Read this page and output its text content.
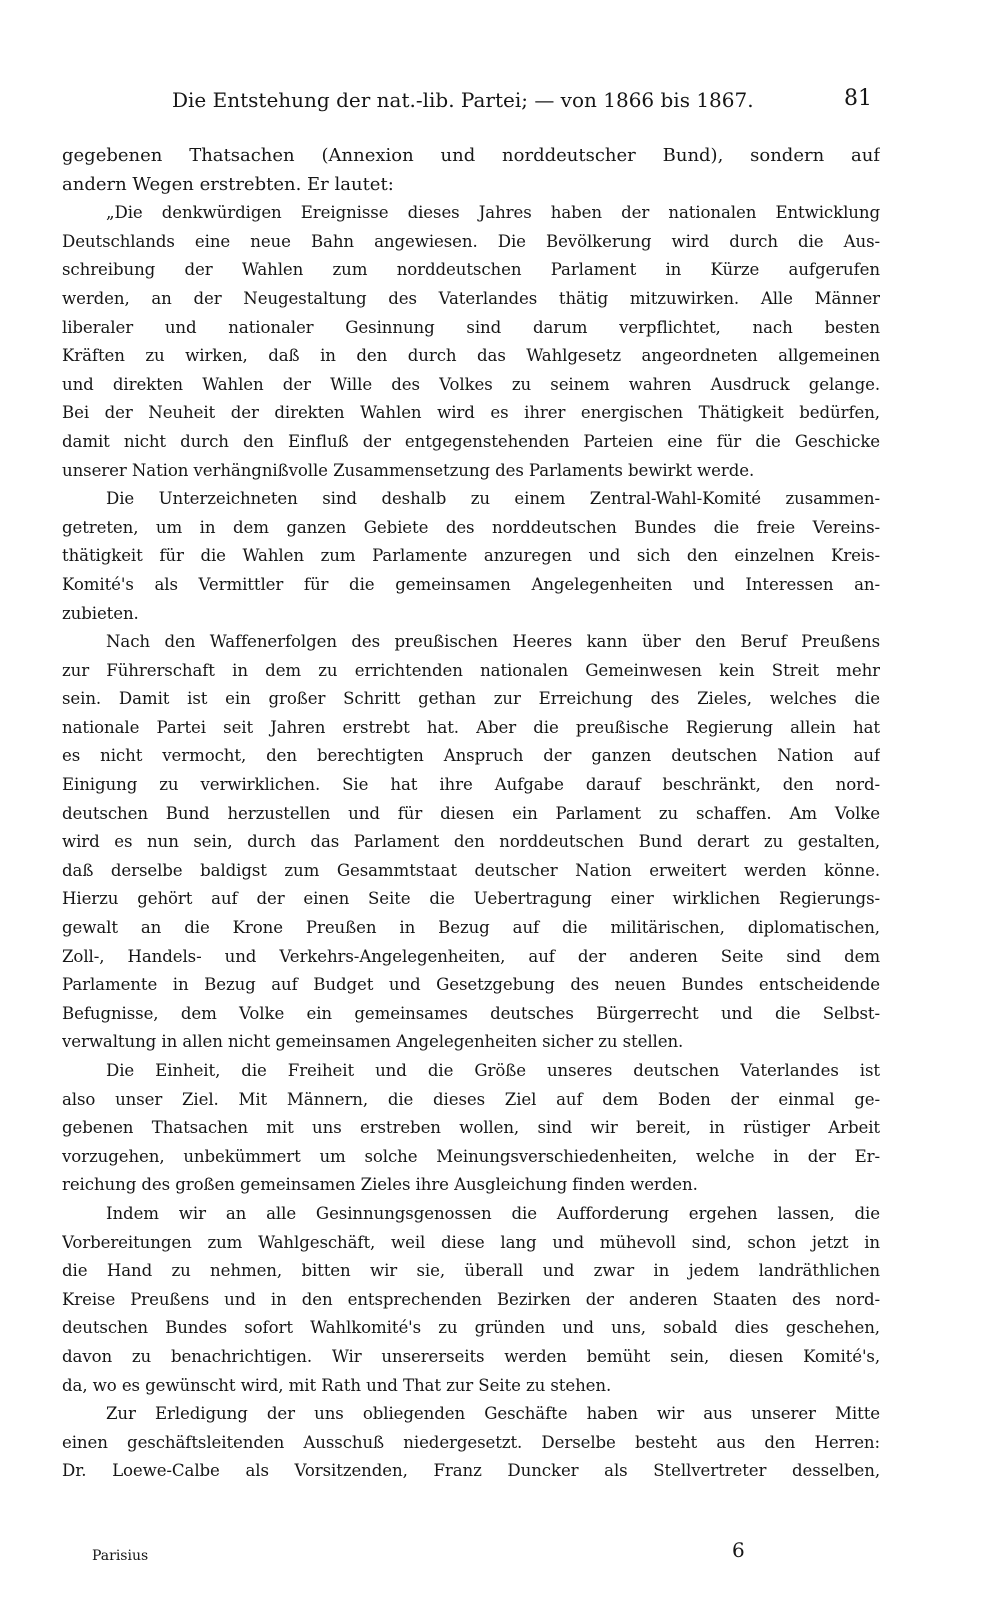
Die Entstehung der nat.-lib. Partei; — von 1866 bis 1867.	81
gegebenen Thatsachen (Annexion und norddeutscher Bund), sondern auf
andern Wegen erstrebten. Er lautet:
„Die denkwürdigen Ereignisse dieses Jahres haben der nationalen Entwicklung
Deutschlands eine neue Bahn angewiesen. Die Bevölkerung wird durch die Aus-
schreibung der Wahlen zum norddeutschen Parlament in Kürze aufgerufen
werden, an der Neugestaltung des Vaterlandes thätig mitzuwirken. Alle Männer
liberaler und nationaler Gesinnung sind darum verpflichtet, nach besten
Kräften zu wirken, daß in den durch das Wahlgesetz angeordneten allgemeinen
und direkten Wahlen der Wille des Volkes zu seinem wahren Ausdruck gelange.
Bei der Neuheit der direkten Wahlen wird es ihrer energischen Thätigkeit bedürfen,
damit nicht durch den Einfluß der entgegenstehenden Parteien eine für die Geschicke
unserer Nation verhängnißvolle Zusammensetzung des Parlaments bewirkt werde.
Die Unterzeichneten sind deshalb zu einem Zentral-Wahl-Komité zusammen-
getreten, um in dem ganzen Gebiete des norddeutschen Bundes die freie Vereins-
thätigkeit für die Wahlen zum Parlamente anzuregen und sich den einzelnen Kreis-
Komité's als Vermittler für die gemeinsamen Angelegenheiten und Interessen an-
zubieten.
Nach den Waffenerfolgen des preußischen Heeres kann über den Beruf Preußens
zur Führerschaft in dem zu errichtenden nationalen Gemeinwesen kein Streit mehr
sein. Damit ist ein großer Schritt gethan zur Erreichung des Zieles, welches die
nationale Partei seit Jahren erstrebt hat. Aber die preußische Regierung allein hat
es nicht vermocht, den berechtigten Anspruch der ganzen deutschen Nation auf
Einigung zu verwirklichen. Sie hat ihre Aufgabe darauf beschränkt, den nord-
deutschen Bund herzustellen und für diesen ein Parlament zu schaffen. Am Volke
wird es nun sein, durch das Parlament den norddeutschen Bund derart zu gestalten,
daß derselbe baldigst zum Gesammtstaat deutscher Nation erweitert werden könne.
Hierzu gehört auf der einen Seite die Uebertragung einer wirklichen Regierungs-
gewalt an die Krone Preußen in Bezug auf die militärischen, diplomatischen,
Zoll-, Handels- und Verkehrs-Angelegenheiten, auf der anderen Seite sind dem
Parlamente in Bezug auf Budget und Gesetzgebung des neuen Bundes entscheidende
Befugnisse, dem Volke ein gemeinsames deutsches Bürgerrecht und die Selbst-
verwaltung in allen nicht gemeinsamen Angelegenheiten sicher zu stellen.
Die Einheit, die Freiheit und die Größe unseres deutschen Vaterlandes ist
also unser Ziel. Mit Männern, die dieses Ziel auf dem Boden der einmal ge-
gebenen Thatsachen mit uns erstreben wollen, sind wir bereit, in rüstiger Arbeit
vorzugehen, unbekümmert um solche Meinungsverschiedenheiten, welche in der Er-
reichung des großen gemeinsamen Zieles ihre Ausgleichung finden werden.
Indem wir an alle Gesinnungsgenossen die Aufforderung ergehen lassen, die
Vorbereitungen zum Wahlgeschäft, weil diese lang und mühevoll sind, schon jetzt in
die Hand zu nehmen, bitten wir sie, überall und zwar in jedem landräthlichen
Kreise Preußens und in den entsprechenden Bezirken der anderen Staaten des nord-
deutschen Bundes sofort Wahlkomité's zu gründen und uns, sobald dies geschehen,
davon zu benachrichtigen. Wir unsererseits werden bemüht sein, diesen Komité's,
da, wo es gewünscht wird, mit Rath und That zur Seite zu stehen.
Zur Erledigung der uns obliegenden Geschäfte haben wir aus unserer Mitte
einen geschäftsleitenden Ausschuß niedergesetzt. Derselbe besteht aus den Herren:
Dr. Loewe-Calbe als Vorsitzenden, Franz Duncker als Stellvertreter desselben,
Parisius	6
